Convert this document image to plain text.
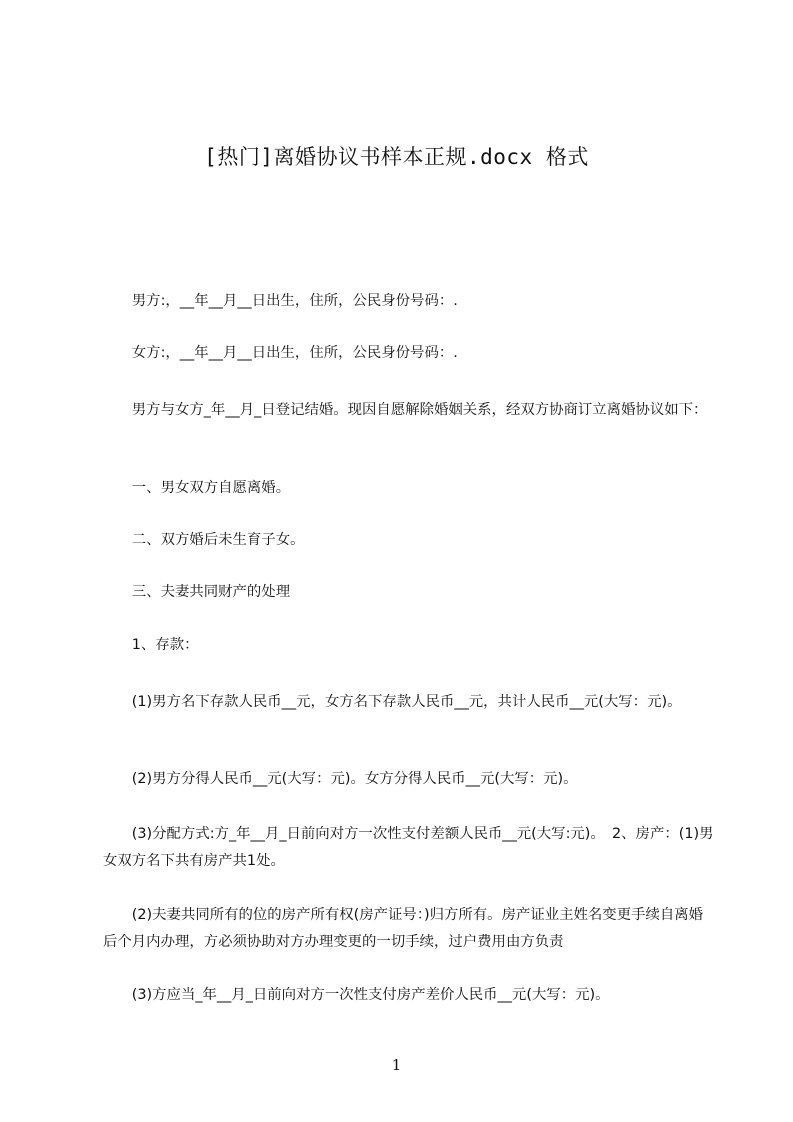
[热门]离婚协议书样本正规.docx 格式

　　男方:，__年__月__日出生，住所，公民身份号码：.

　　女方:，__年__月__日出生，住所，公民身份号码：.

　　男方与女方_年__月_日登记结婚。现因自愿解除婚姻关系，经双方协商订立离婚协议如下：

　　一、男女双方自愿离婚。

　　二、双方婚后未生育子女。

　　三、夫妻共同财产的处理

　　1、存款：

　　(1)男方名下存款人民币__元，女方名下存款人民币__元，共计人民币__元(大写：元)。

　　(2)男方分得人民币__元(大写：元)。女方分得人民币__元(大写：元)。

　　(3)分配方式:方_年__月_日前向对方一次性支付差额人民币__元(大写:元)。　2、房产：(1)男女双方名下共有房产共1处。

　　(2)夫妻共同所有的位的房产所有权(房产证号：)归方所有。房产证业主姓名变更手续自离婚后个月内办理，方必须协助对方办理变更的一切手续，过户费用由方负责

　　(3)方应当_年__月_日前向对方一次性支付房产差价人民币__元(大写：元)。

1
